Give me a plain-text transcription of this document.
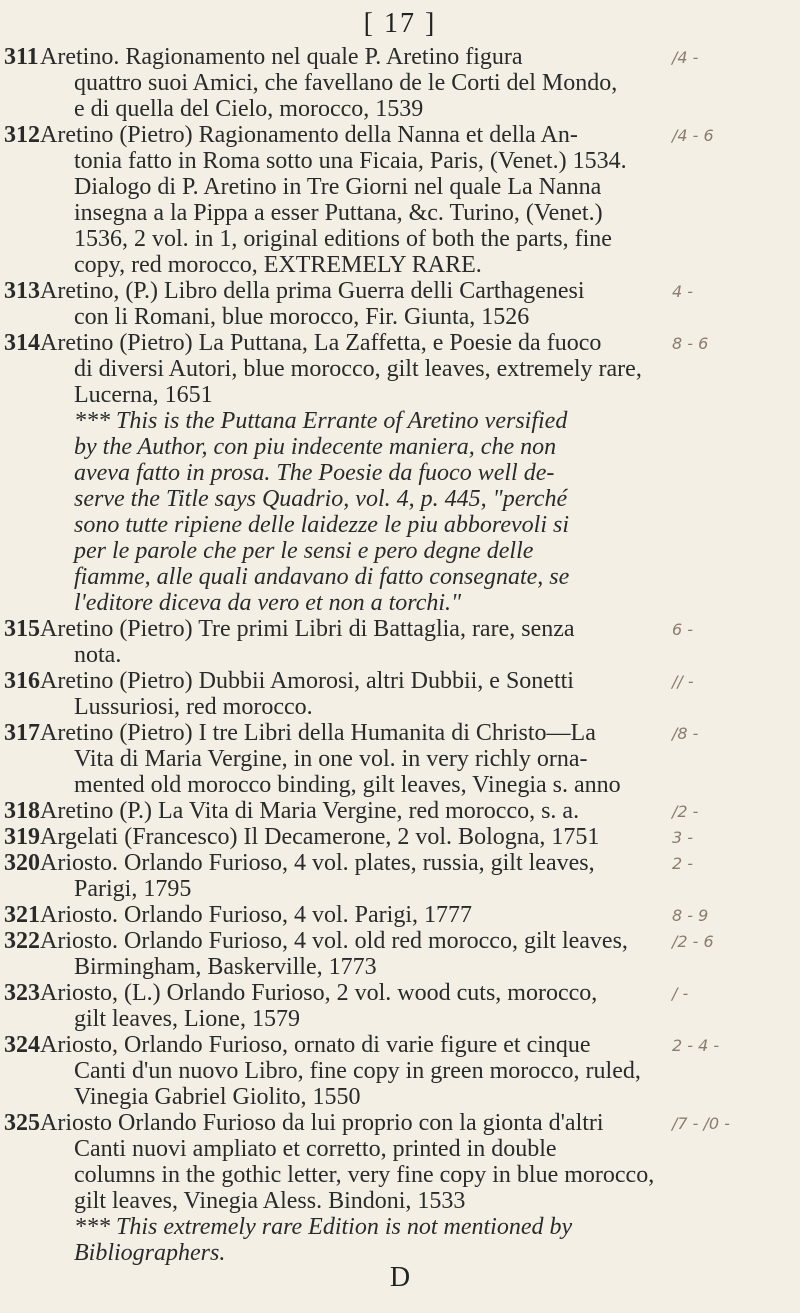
[ 17 ]
311 Aretino. Ragionamento nel quale P. Aretino figura
quattro suoi Amici, che favellano de le Corti del Mondo,
e di quella del Cielo, morocco, 1539
312 Aretino (Pietro) Ragionamento della Nanna et della An-
tonia fatto in Roma sotto una Ficaia, Paris, (Venet.) 1534.
Dialogo di P. Aretino in Tre Giorni nel quale La Nanna
insegna a la Pippa a esser Puttana, &c. Turino, (Venet.)
1536, 2 vol. in 1, original editions of both the parts, fine
copy, red morocco, EXTREMELY RARE.
313 Aretino, (P.) Libro della prima Guerra delli Carthagenesi
con li Romani, blue morocco, Fir. Giunta, 1526
314 Aretino (Pietro) La Puttana, La Zaffetta, e Poesie da fuoco
di diversi Autori, blue morocco, gilt leaves, extremely rare,
Lucerna, 1651
*** This is the Puttana Errante of Aretino versified
by the Author, con piu indecente maniera, che non
aveva fatto in prosa. The Poesie da fuoco well de-
serve the Title says Quadrio, vol. 4, p. 445, "perché
sono tutte ripiene delle laidezze le piu abborevoli si
per le parole che per le sensi e pero degne delle
fiamme, alle quali andavano di fatto consegnate, se
l'editore diceva da vero et non a torchi."
315 Aretino (Pietro) Tre primi Libri di Battaglia, rare, senza
nota.
316 Aretino (Pietro) Dubbii Amorosi, altri Dubbii, e Sonetti
Lussuriosi, red morocco.
317 Aretino (Pietro) I tre Libri della Humanita di Christo—La
Vita di Maria Vergine, in one vol. in very richly orna-
mented old morocco binding, gilt leaves, Vinegia s. anno
318 Aretino (P.) La Vita di Maria Vergine, red morocco, s. a.
319 Argelati (Francesco) Il Decamerone, 2 vol. Bologna, 1751
320 Ariosto. Orlando Furioso, 4 vol. plates, russia, gilt leaves,
Parigi, 1795
321 Ariosto. Orlando Furioso, 4 vol. Parigi, 1777
322 Ariosto. Orlando Furioso, 4 vol. old red morocco, gilt leaves,
Birmingham, Baskerville, 1773
323 Ariosto, (L.) Orlando Furioso, 2 vol. wood cuts, morocco,
gilt leaves, Lione, 1579
324 Ariosto, Orlando Furioso, ornato di varie figure et cinque
Canti d'un nuovo Libro, fine copy in green morocco, ruled,
Vinegia Gabriel Giolito, 1550
325 Ariosto Orlando Furioso da lui proprio con la gionta d'altri
Canti nuovi ampliato et corretto, printed in double
columns in the gothic letter, very fine copy in blue morocco,
gilt leaves, Vinegia Aless. Bindoni, 1533
*** This extremely rare Edition is not mentioned by
Bibliographers.
/4 -
/4 - 6
4 -
8 - 6
6 -
// -
/8 -
/2 -
3 -
2 -
8 - 9
/2 - 6
/ -
2 - 4 -
/7 - /0 -
D
